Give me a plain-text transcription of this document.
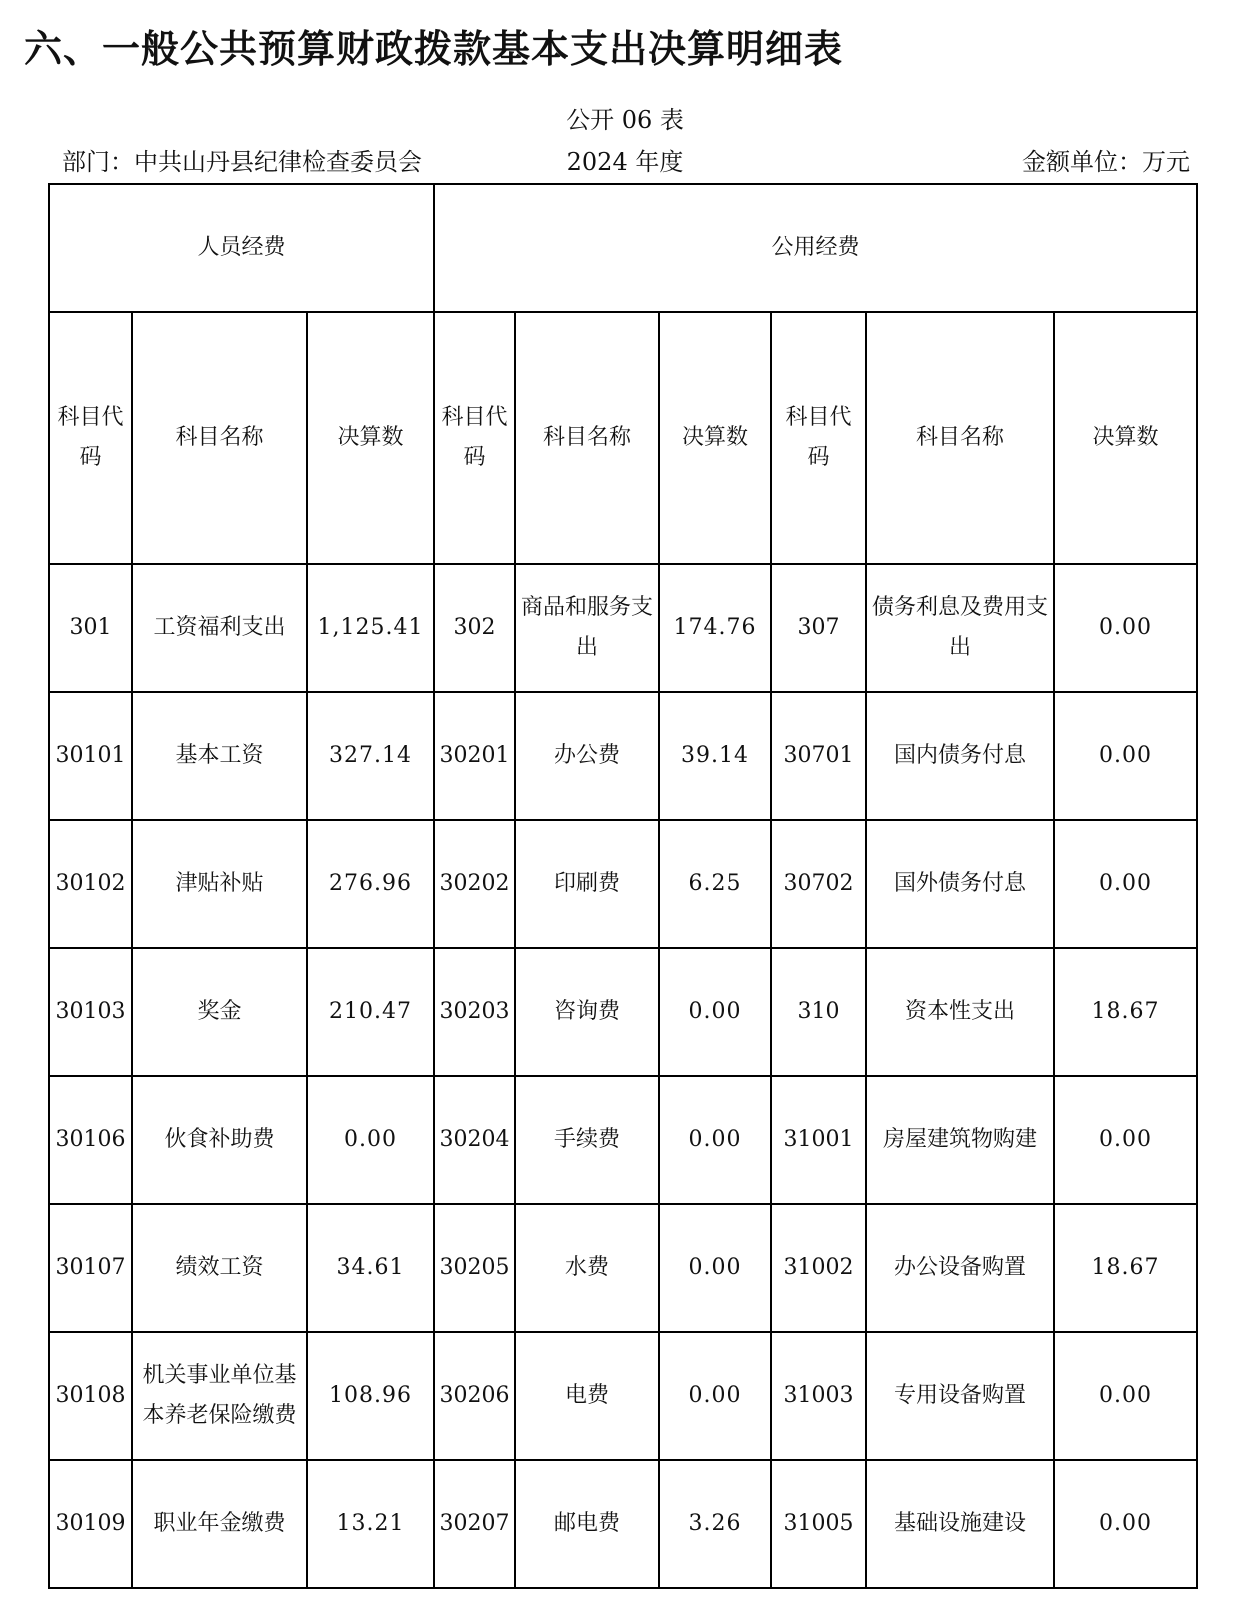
六、一般公共预算财政拨款基本支出决算明细表
公开 06 表
部门：中共山丹县纪律检查委员会	2024 年度	金额单位：万元
人员经费			公用经费					
科目代码	科目名称	决算数	科目代码	科目名称	决算数	科目代码	科目名称	决算数
301	工资福利支出	1,125.41	302	商品和服务支出	174.76	307	债务利息及费用支出	0.00
30101	基本工资	327.14	30201	办公费	39.14	30701	国内债务付息	0.00
30102	津贴补贴	276.96	30202	印刷费	6.25	30702	国外债务付息	0.00
30103	奖金	210.47	30203	咨询费	0.00	310	资本性支出	18.67
30106	伙食补助费	0.00	30204	手续费	0.00	31001	房屋建筑物购建	0.00
30107	绩效工资	34.61	30205	水费	0.00	31002	办公设备购置	18.67
30108	机关事业单位基本养老保险缴费	108.96	30206	电费	0.00	31003	专用设备购置	0.00
30109	职业年金缴费	13.21	30207	邮电费	3.26	31005	基础设施建设	0.00
